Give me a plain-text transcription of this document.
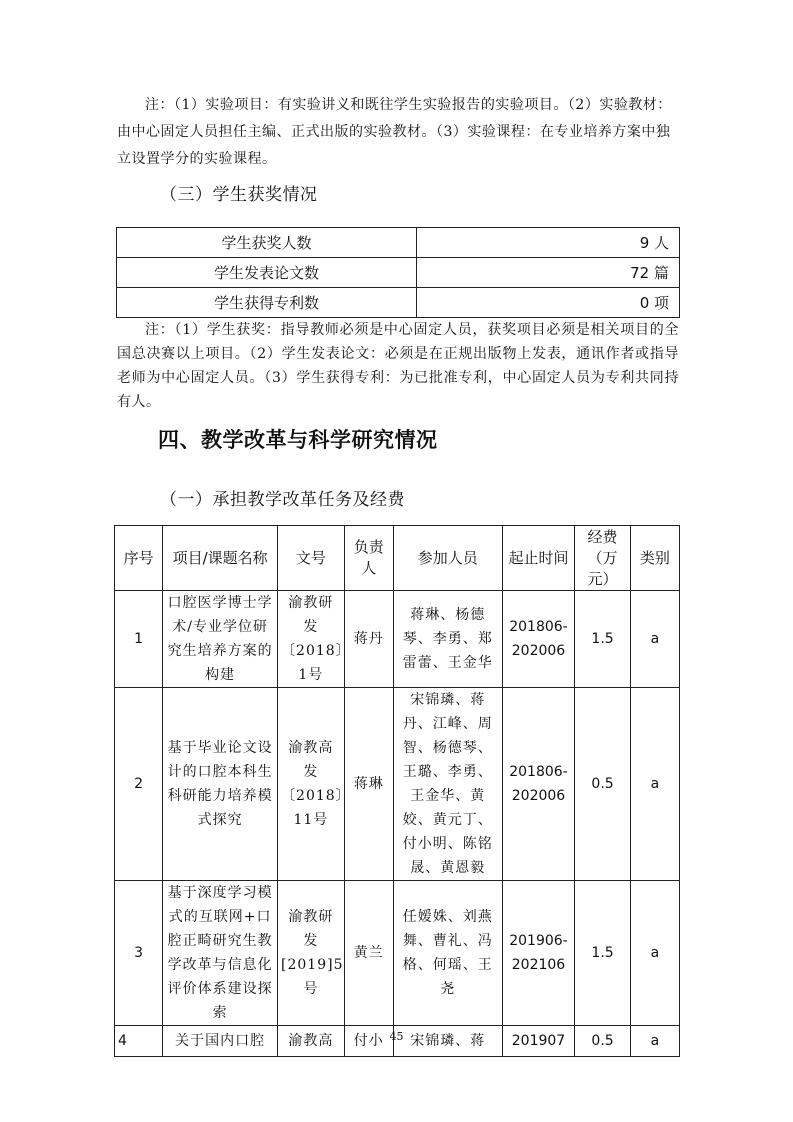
注：（1）实验项目：有实验讲义和既往学生实验报告的实验项目。（2）实验教材：由中心固定人员担任主编、正式出版的实验教材。（3）实验课程：在专业培养方案中独立设置学分的实验课程。
（三）学生获奖情况
学生获奖人数	9 人
学生发表论文数	72 篇
学生获得专利数	0 项
注：（1）学生获奖：指导教师必须是中心固定人员，获奖项目必须是相关项目的全国总决赛以上项目。（2）学生发表论文：必须是在正规出版物上发表，通讯作者或指导老师为中心固定人员。（3）学生获得专利：为已批准专利，中心固定人员为专利共同持有人。
四、教学改革与科学研究情况
（一）承担教学改革任务及经费
序号	项目/课题名称	文号	负责人	参加人员	起止时间	经费（万元）	类别
1	口腔医学博士学术/专业学位研究生培养方案的构建	渝教研发〔2018〕1号	蒋丹	蒋琳、杨德琴、李勇、郑雷蕾、王金华	201806-202006	1.5	a
2	基于毕业论文设计的口腔本科生科研能力培养模式探究	渝教高发〔2018〕11号	蒋琳	宋锦璘、蒋丹、江峰、周智、杨德琴、王璐、李勇、王金华、黄姣、黄元丁、付小明、陈铭晟、黄恩毅	201806-202006	0.5	a
3	基于深度学习模式的互联网+口腔正畸研究生教学改革与信息化评价体系建设探索	渝教研发[2019]5号	黄兰	任嫒姝、刘燕舞、曹礼、冯格、何瑶、王尧	201906-202106	1.5	a
4	关于国内口腔	渝教高	付小	宋锦璘、蒋	201907	0.5	a
45
